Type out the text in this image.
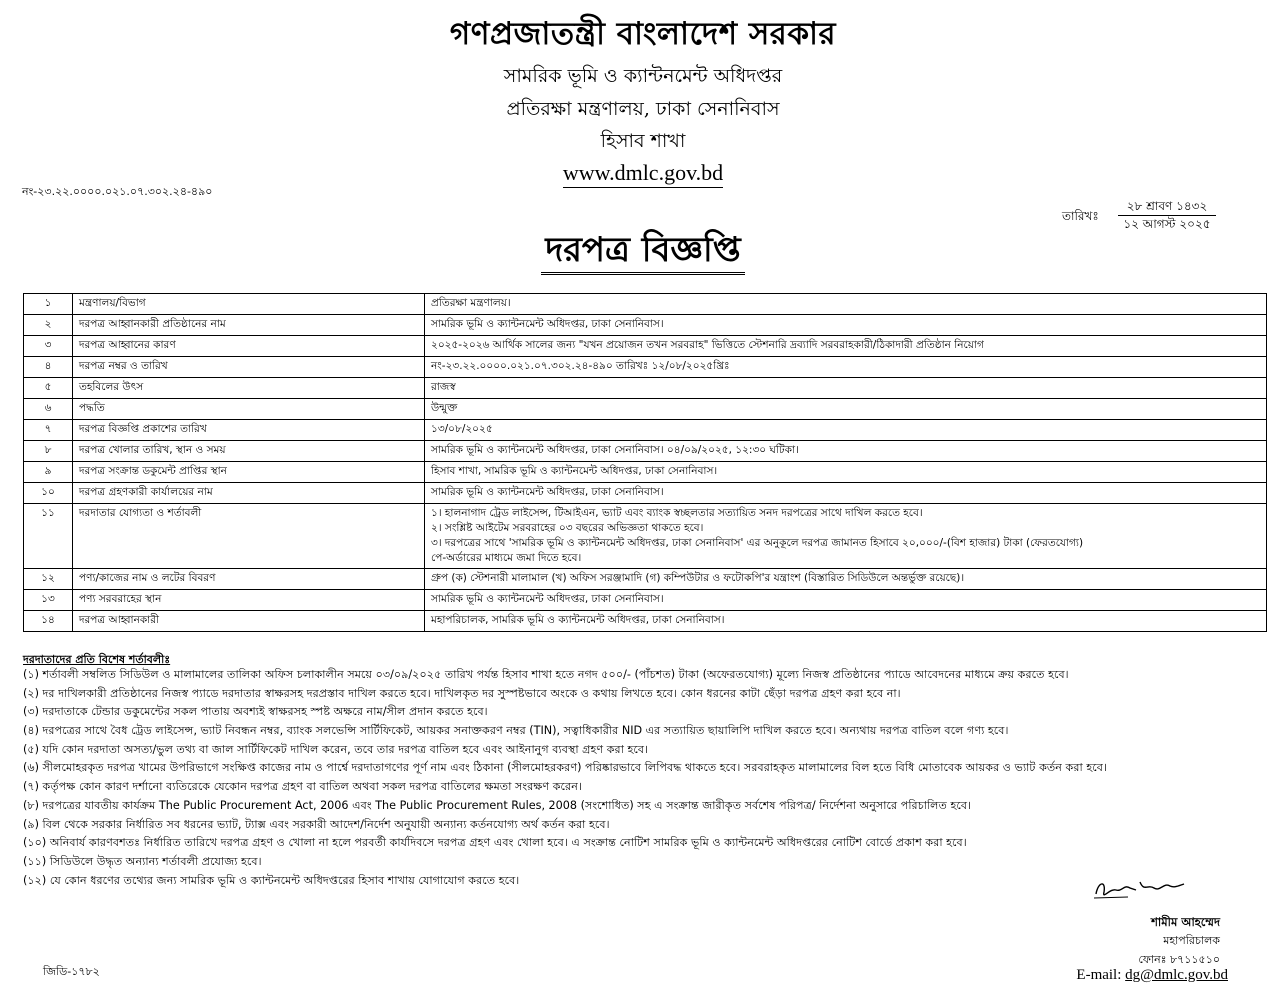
গণপ্রজাতন্ত্রী বাংলাদেশ সরকার
সামরিক ভূমি ও ক্যান্টনমেন্ট অধিদপ্তর
প্রতিরক্ষা মন্ত্রণালয়, ঢাকা সেনানিবাস
হিসাব শাখা
www.dmlc.gov.bd
নং-২৩.২২.০০০০.০২১.০৭.৩০২.২৪-৪৯০
তারিখঃ
২৮ শ্রাবণ ১৪৩২
১২ আগস্ট ২০২৫
দরপত্র বিজ্ঞপ্তি
১	মন্ত্রণালয়/বিভাগ	প্রতিরক্ষা মন্ত্রণালয়।
২	দরপত্র আহ্বানকারী প্রতিষ্ঠানের নাম	সামরিক ভূমি ও ক্যান্টনমেন্ট অধিদপ্তর, ঢাকা সেনানিবাস।
৩	দরপত্র আহ্বানের কারণ	২০২৫-২০২৬ আর্থিক সালের জন্য "যখন প্রয়োজন তখন সরবরাহ" ভিত্তিতে স্টেশনারি দ্রব্যাদি সরবরাহকারী/ঠিকাদারী প্রতিষ্ঠান নিয়োগ
৪	দরপত্র নম্বর ও তারিখ	নং-২৩.২২.০০০০.০২১.০৭.৩০২.২৪-৪৯০ তারিখঃ ১২/০৮/২০২৫খ্রিঃ
৫	তহবিলের উৎস	রাজস্ব
৬	পদ্ধতি	উন্মুক্ত
৭	দরপত্র বিজ্ঞপ্তি প্রকাশের তারিখ	১৩/০৮/২০২৫
৮	দরপত্র খোলার তারিখ, স্থান ও সময়	সামরিক ভূমি ও ক্যান্টনমেন্ট অধিদপ্তর, ঢাকা সেনানিবাস। ০৪/০৯/২০২৫, ১২:৩০ ঘটিকা।
৯	দরপত্র সংক্রান্ত ডকুমেন্ট প্রাপ্তির স্থান	হিসাব শাখা, সামরিক ভূমি ও ক্যান্টনমেন্ট অধিদপ্তর, ঢাকা সেনানিবাস।
১০	দরপত্র গ্রহণকারী কার্যালয়ের নাম	সামরিক ভূমি ও ক্যান্টনমেন্ট অধিদপ্তর, ঢাকা সেনানিবাস।
১১	দরদাতার যোগ্যতা ও শর্তাবলী	১। হালনাগাদ ট্রেড লাইসেন্স, টিআইএন, ভ্যাট এবং ব্যাংক স্বচ্ছলতার সত্যায়িত সনদ দরপত্রের সাথে দাখিল করতে হবে।
২। সংশ্লিষ্ট আইটেম সরবরাহের ০৩ বছরের অভিজ্ঞতা থাকতে হবে।
৩। দরপত্রের সাথে 'সামরিক ভূমি ও ক্যান্টনমেন্ট অধিদপ্তর, ঢাকা সেনানিবাস' এর অনুকূলে দরপত্র জামানত হিসাবে ২০,০০০/-(বিশ হাজার) টাকা (ফেরতযোগ্য)
পে-অর্ডারের মাধ্যমে জমা দিতে হবে।

১২	পণ্য/কাজের নাম ও লটের বিবরণ	গ্রুপ (ক) স্টেশনারী মালামাল (খ) অফিস সরঞ্জামাদি (গ) কম্পিউটার ও ফটোকপি'র যন্ত্রাংশ (বিস্তারিত সিডিউলে অন্তর্ভুক্ত রয়েছে)।
১৩	পণ্য সরবরাহের স্থান	সামরিক ভূমি ও ক্যান্টনমেন্ট অধিদপ্তর, ঢাকা সেনানিবাস।
১৪	দরপত্র আহ্বানকারী	মহাপরিচালক, সামরিক ভূমি ও ক্যান্টনমেন্ট অধিদপ্তর, ঢাকা সেনানিবাস।
দরদাতাদের প্রতি বিশেষ শর্তাবলীঃ
(১) শর্তাবলী সম্বলিত সিডিউল ও মালামালের তালিকা অফিস চলাকালীন সময়ে ০৩/০৯/২০২৫ তারিখ পর্যন্ত হিসাব শাখা হতে নগদ ৫০০/- (পাঁচশত) টাকা (অফেরতযোগ্য) মূল্যে নিজস্ব প্রতিষ্ঠানের প্যাডে আবেদনের মাধ্যমে ক্রয় করতে হবে।
(২) দর দাখিলকারী প্রতিষ্ঠানের নিজস্ব প্যাডে দরদাতার স্বাক্ষরসহ দরপ্রস্তাব দাখিল করতে হবে। দাখিলকৃত দর সুস্পষ্টভাবে অংকে ও কথায় লিখতে হবে। কোন ধরনের কাটা ছেঁড়া দরপত্র গ্রহণ করা হবে না।
(৩) দরদাতাকে টেন্ডার ডকুমেন্টের সকল পাতায় অবশ্যই স্বাক্ষরসহ স্পষ্ট অক্ষরে নাম/সীল প্রদান করতে হবে।
(৪) দরপত্রের সাথে বৈধ ট্রেড লাইসেন্স, ভ্যাট নিবন্ধন নম্বর, ব্যাংক সলভেন্সি সার্টিফিকেট, আয়কর সনাক্তকরণ নম্বর (TIN), সত্বাধিকারীর NID এর সত্যায়িত ছায়ালিপি দাখিল করতে হবে। অন্যথায় দরপত্র বাতিল বলে গণ্য হবে।
(৫) যদি কোন দরদাতা অসত্য/ভুল তথ্য বা জাল সার্টিফিকেট দাখিল করেন, তবে তার দরপত্র বাতিল হবে এবং আইনানুগ ব্যবস্থা গ্রহণ করা হবে।
(৬) সীলমোহরকৃত দরপত্র খামের উপরিভাগে সংক্ষিপ্ত কাজের নাম ও পার্শ্বে দরদাতাগণের পূর্ণ নাম এবং ঠিকানা (সীলমোহরকরণ) পরিষ্কারভাবে লিপিবদ্ধ থাকতে হবে। সরবরাহকৃত মালামালের বিল হতে বিধি মোতাবেক আয়কর ও ভ্যাট কর্তন করা হবে।
(৭) কর্তৃপক্ষ কোন কারণ দর্শানো ব্যতিরেকে যেকোন দরপত্র গ্রহণ বা বাতিল অথবা সকল দরপত্র বাতিলের ক্ষমতা সংরক্ষণ করেন।
(৮) দরপত্রের যাবতীয় কার্যক্রম The Public Procurement Act, 2006 এবং The Public Procurement Rules, 2008 (সংশোধিত) সহ এ সংক্রান্ত জারীকৃত সর্বশেষ পরিপত্র/ নির্দেশনা অনুসারে পরিচালিত হবে।
(৯) বিল থেকে সরকার নির্ধারিত সব ধরনের ভ্যাট, ট্যাক্স এবং সরকারী আদেশ/নির্দেশ অনুযায়ী অন্যান্য কর্তনযোগ্য অর্থ কর্তন করা হবে।
(১০) অনিবার্য কারণবশতঃ নির্ধারিত তারিখে দরপত্র গ্রহণ ও খোলা না হলে পরবর্তী কার্যদিবসে দরপত্র গ্রহণ এবং খোলা হবে। এ সংক্রান্ত নোটিশ সামরিক ভূমি ও ক্যান্টনমেন্ট অধিদপ্তরের নোটিশ বোর্ডে প্রকাশ করা হবে।
(১১) সিডিউলে উদ্ধৃত অন্যান্য শর্তাবলী প্রযোজ্য হবে।
(১২) যে কোন ধরণের তথ্যের জন্য সামরিক ভূমি ও ক্যান্টনমেন্ট অধিদপ্তরের হিসাব শাখায় যোগাযোগ করতে হবে।
শামীম আহম্মেদ
মহাপরিচালক
ফোনঃ ৮৭১১৫১০
E-mail: dg@dmlc.gov.bd
জিডি-১৭৮২
